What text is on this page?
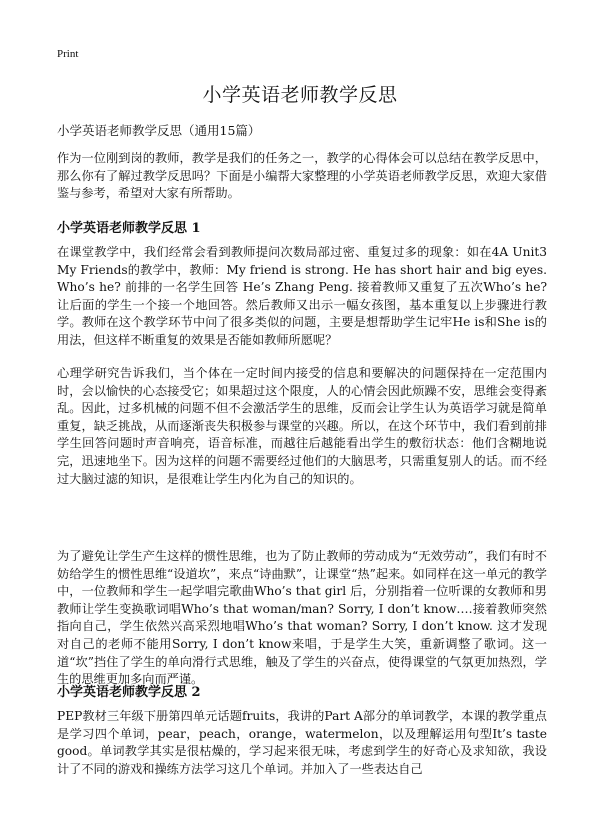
Print
小学英语老师教学反思

小学英语老师教学反思（通用15篇）

作为一位刚到岗的教师，教学是我们的任务之一，教学的心得体会可以总结在教学反思中，那么你有了解过教学反思吗？下面是小编帮大家整理的小学英语老师教学反思，欢迎大家借鉴与参考，希望对大家有所帮助。

小学英语老师教学反思 1

在课堂教学中，我们经常会看到教师提问次数局部过密、重复过多的现象：如在4A Unit3 My Friends的教学中，教师：My friend is strong. He has short hair and big eyes. Who’s he? 前排的一名学生回答 He’s Zhang Peng. 接着教师又重复了五次Who’s he?让后面的学生一个接一个地回答。然后教师又出示一幅女孩图，基本重复以上步骤进行教学。教师在这个教学环节中问了很多类似的问题，主要是想帮助学生记牢He is和She is的用法，但这样不断重复的效果是否能如教师所愿呢？

心理学研究告诉我们，当个体在一定时间内接受的信息和要解决的问题保持在一定范围内时，会以愉快的心态接受它；如果超过这个限度，人的心情会因此烦躁不安，思维会变得紊乱。因此，过多机械的问题不但不会激活学生的思维，反而会让学生认为英语学习就是简单重复，缺乏挑战，从而逐渐丧失积极参与课堂的兴趣。所以，在这个环节中，我们看到前排学生回答问题时声音响亮，语音标准，而越往后越能看出学生的敷衍状态：他们含糊地说完，迅速地坐下。因为这样的问题不需要经过他们的大脑思考，只需重复别人的话。而不经过大脑过滤的知识，是很难让学生内化为自己的知识的。

为了避免让学生产生这样的惯性思维，也为了防止教师的劳动成为“无效劳动”，我们有时不妨给学生的惯性思维“设道坎”，来点“诗曲默”，让课堂“热”起来。如同样在这一单元的教学中，一位教师和学生一起学唱完歌曲Who’s that girl 后，分别指着一位听课的女教师和男教师让学生变换歌词唱Who’s that woman/man? Sorry, I don’t know….接着教师突然指向自己，学生依然兴高采烈地唱Who’s that woman? Sorry, I don’t know. 这才发现对自己的老师不能用Sorry, I don’t know来唱，于是学生大笑，重新调整了歌词。这一道“坎”挡住了学生的单向滑行式思维，触及了学生的兴奋点，使得课堂的气氛更加热烈，学生的思维更加多向而严谨。

小学英语老师教学反思 2

PEP教材三年级下册第四单元话题fruits，我讲的Part A部分的单词教学，本课的教学重点是学习四个单词，pear，peach，orange，watermelon，以及理解运用句型It’s taste good。单词教学其实是很枯燥的，学习起来很无味，考虑到学生的好奇心及求知欲，我设计了不同的游戏和操练方法学习这几个单词。并加入了一些表达自己
